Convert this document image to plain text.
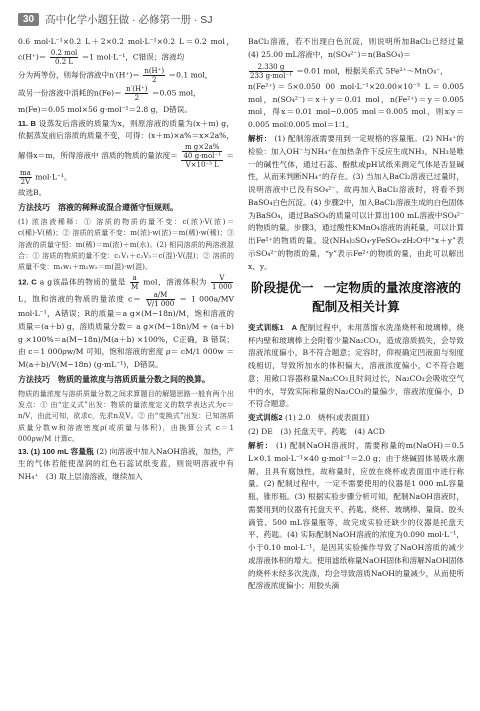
30	高中化学小题狂做 · 必修第一册 · SJ

0.6 mol·L⁻¹×0.2 L＋2×0.2 mol·L⁻¹×0.2 L＝0.2 mol，$c(H^+)= \frac{\text{0.2 mol}}{0.2 L} =1$ mol·L⁻¹，C错误；溶液均

分为两等份，则每份溶液中$n'(H^+)= \frac{n(H^+)}{2} =0.1$ mol，

故另一份溶液中消耗的$n(Fe)= \frac{n'(H^+)}{2} =0.05$ mol，

m(Fe)＝0.05 mol×56 g·mol⁻¹＝2.8 g，D错误。

11. B 设蒸发后溶液的质量为x，则原溶液的质量为(x＋m) g，依据蒸发前后溶质的质量不变，可得：(x＋m)×a%＝x×2a%，解得x＝m，所得溶液中 溶质的物质的量浓度＝ $\frac{\frac{\text{m g×2a\%}}{\text{40 g·mol⁻¹}}}{\text{V×10⁻³ L}}$ ＝
$\frac{ma}{2V} mol\cdot L^{-1}$。

故选B。

方法技巧　溶液的稀释或混合遵循守恒规则。

(1) 浓溶液稀释：① 溶质的物质的量不变：c(浓)·V(浓)＝c(稀)·V(稀)；② 溶质的质量不变：m(浓)·w(浓)＝m(稀)·w(稀)；③ 溶液的质量守恒：m(稀)＝m(浓)＋m(水)。(2) 相同溶质的两溶液混合：① 溶质的物质的量不变：c₁V₁＋c₂V₂＝c(混)·V(混)；② 溶质的质量不变：m₁w₁＋m₂w₂＝m(混)·w(混)。

12. C a g该晶体的物质的量是 $\frac{a}{M}$ mol，溶液体积为 $\frac{V}{1 000}$
L，饱和溶液的物质的量浓度 $c= \frac{a/M}{V/1 000} = 1$ 000a/MV mol·L⁻¹，A错误；R的质量＝a g×(M−18n)/M，饱和溶液的质量＝(a＋b) g，溶质质量分数＝ a g×(M−18n)/M ÷ (a＋b) g ×100%＝a(M−18n)/M(a＋b) ×100%，C正确，B 错误；由 c＝1 000ρw/M 可知，饱和溶液的密度 ρ＝ cM/1 000w ＝ M(a＋b)/V(M−18n) (g·mL⁻¹)，D错误。

方法技巧　物质的量浓度与溶质质量分数之间的换算。

物质的量浓度与溶质质量分数之间求算题目的解题思路一般有两个出发点：① 由“定义式”出发：物质的量浓度定义的数学表达式为c＝n/V，由此可知，欲求c，先求n及V。② 由“变换式”出发：已知溶质质量分数w和溶液密度ρ(或质量与体积)，由换算公式 c＝1 000ρw/M 计算c。

13. (1) 100 mL 容量瓶 (2) 向溶液中加入NaOH溶液，加热，产生的气体若能使湿润的红色石蕊试纸变蓝，则说明溶液中有NH₄⁺　(3) 取上层清溶液，继续加入

BaCl₂溶液，若不出现白色沉淀，则说明所加BaCl₂已经过量　(4) 25.00 mL溶液中，n(SO₄²⁻)＝n(BaSO₄)＝

$\frac{2.330 g}{\text{233 g·mol⁻¹}} =0.01$ mol，根据关系式 5Fe²⁺～MnO₄⁻，

n(Fe²⁺)＝5×0.050 00 mol·L⁻¹×20.00×10⁻³ L＝0.005 mol，n(SO₄²⁻)＝x＋y＝0.01 mol，n(Fe²⁺)＝y＝0.005 mol，得x＝0.01 mol−0.005 mol＝0.005 mol，则x∶y＝0.005 mol∶0.005 mol＝1∶1。

解析： (1) 配制溶液需要用到一定规格的容量瓶。(2) NH₄⁺的检验：加入OH⁻与NH₄⁺在加热条件下反应生成NH₃，NH₃是唯一的碱性气体，通过石蕊、酚酞或pH试纸来测定气体是否显碱性，从而来判断NH₄⁺的存在。(3) 当加入BaCl₂溶液已过量时，说明溶液中已没有SO₄²⁻，故再加入BaCl₂溶液时，将看不到BaSO₄白色沉淀。(4) 步骤2中，加入BaCl₂溶液生成的白色固体为BaSO₄，通过BaSO₄的质量可以计算出100 mL溶液中SO₄²⁻的物质的量。步骤3，通过酸性KMnO₄溶液的消耗量，可以计算出Fe²⁺的物质的量。设(NH₄)₂SO₄·yFeSO₄·zH₂O中“x＋y”表示SO₄²⁻的物质的量，“y”表示Fe²⁺的物质的量，由此可以解出x、y。

阶段提优一 一定物质的量浓度溶液的
配制及相关计算

变式训练1　A 配制过程中，未用蒸馏水洗涤烧杯和玻璃棒，烧杯内壁和玻璃棒上会附着少量Na₂CO₃，造成溶质损失，会导致溶液浓度偏小，B不符合题意；定容时，仰视确定凹液面与刻度线相切，导致所加水的体积偏大，溶液浓度偏小，C不符合题意；用敞口容器称量Na₂CO₃且时间过长，Na₂CO₃会吸收空气中的水，导致实际称量的Na₂CO₃的量偏少，溶液浓度偏小，D不符合题意。

变式训练2 (1) 2.0　烧杯(或表面皿)

(2) DE　(3) 托盘天平、药匙　(4) ACD

解析： (1) 配制NaOH溶液时，需要称量的m(NaOH)＝0.5 L×0.1 mol·L⁻¹×40 g·mol⁻¹＝2.0 g；由于烧碱固体易吸水潮解，且具有腐蚀性，故称量时，应放在烧杯或表面皿中进行称量。(2) 配制过程中，一定不需要使用的仪器是1 000 mL容量瓶、锥形瓶。(3) 根据实验步骤分析可知，配制NaOH溶液时，需要用到的仪器有托盘天平、药匙、烧杯、玻璃棒、量筒、胶头滴管、500 mL容量瓶等，故完成实验还缺少的仪器是托盘天平、药匙。(4) 实际配制NaOH溶液的浓度为0.090 mol·L⁻¹，小于0.10 mol·L⁻¹，是因其实验操作导致了NaOH溶质的减少或溶液体积的增大。使用滤纸称量NaOH固体和溶解NaOH固体的烧杯未经多次洗涤，均会导致溶质NaOH的量减少，从而使所配溶液浓度偏小；用胶头滴
